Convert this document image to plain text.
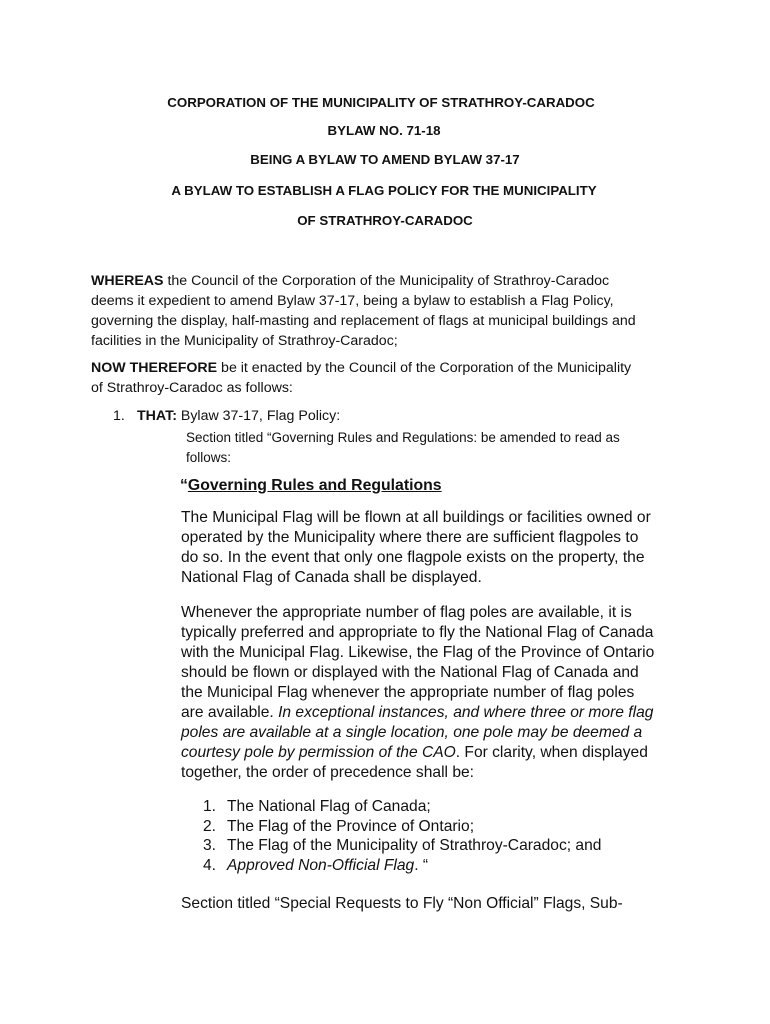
CORPORATION OF THE MUNICIPALITY OF STRATHROY-CARADOC
BYLAW NO. 71-18
BEING A BYLAW TO AMEND BYLAW 37-17
A BYLAW TO ESTABLISH A FLAG POLICY FOR THE MUNICIPALITY
OF STRATHROY-CARADOC
WHEREAS the Council of the Corporation of the Municipality of Strathroy-Caradoc
deems it expedient to amend Bylaw 37-17, being a bylaw to establish a Flag Policy,
governing the display, half-masting and replacement of flags at municipal buildings and
facilities in the Municipality of Strathroy-Caradoc;
NOW THEREFORE be it enacted by the Council of the Corporation of the Municipality
of Strathroy-Caradoc as follows:
1. THAT: Bylaw 37-17, Flag Policy:
Section titled “Governing Rules and Regulations: be amended to read as
follows:
“Governing Rules and Regulations
The Municipal Flag will be flown at all buildings or facilities owned or
operated by the Municipality where there are sufficient flagpoles to
do so. In the event that only one flagpole exists on the property, the
National Flag of Canada shall be displayed.
Whenever the appropriate number of flag poles are available, it is
typically preferred and appropriate to fly the National Flag of Canada
with the Municipal Flag. Likewise, the Flag of the Province of Ontario
should be flown or displayed with the National Flag of Canada and
the Municipal Flag whenever the appropriate number of flag poles
are available. In exceptional instances, and where three or more flag
poles are available at a single location, one pole may be deemed a
courtesy pole by permission of the CAO. For clarity, when displayed
together, the order of precedence shall be:
1. The National Flag of Canada;
2. The Flag of the Province of Ontario;
3. The Flag of the Municipality of Strathroy-Caradoc; and
4. Approved Non-Official Flag. “
Section titled “Special Requests to Fly “Non Official” Flags, Sub-
